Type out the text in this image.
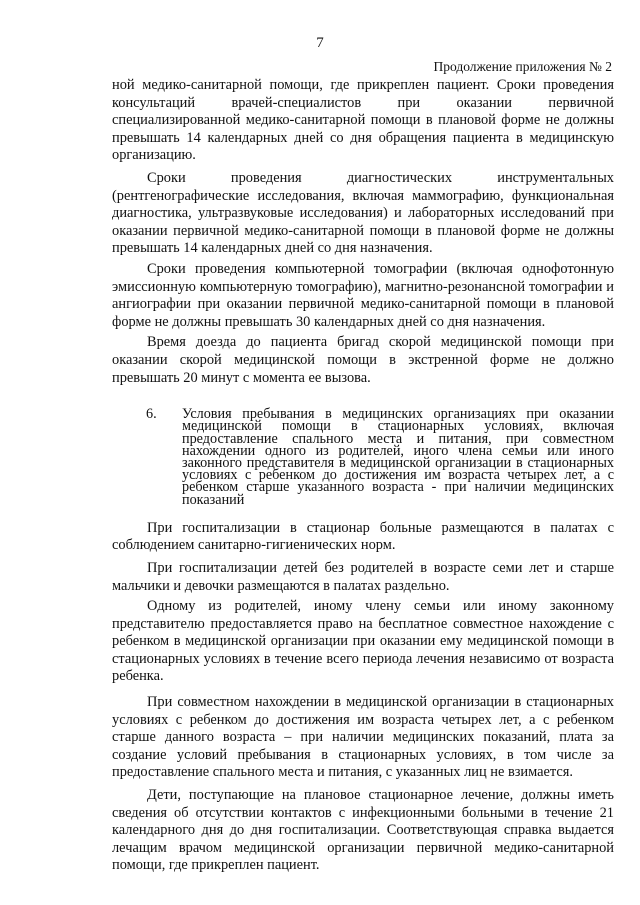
7
Продолжение приложения № 2

ной медико-санитарной помощи, где прикреплен пациент. Сроки проведения консультаций врачей-специалистов при оказании первичной специализированной медико-санитарной помощи в плановой форме не должны превышать 14 календарных дней со дня обращения пациента в медицинскую организацию.

Сроки проведения диагностических инструментальных (рентгенографические исследования, включая маммографию, функциональная диагностика, ультразвуковые исследования) и лабораторных исследований при оказании первичной медико-санитарной помощи в плановой форме не должны превышать 14 календарных дней со дня назначения.

Сроки проведения компьютерной томографии (включая однофотонную эмиссионную компьютерную томографию), магнитно-резонансной томографии и ангиографии при оказании первичной медико-санитарной помощи в плановой форме не должны превышать 30 календарных дней со дня назначения.

Время доезда до пациента бригад скорой медицинской помощи при оказании скорой медицинской помощи в экстренной форме не должно превышать 20 минут с момента ее вызова.

6.	Условия пребывания в медицинских организациях при оказании медицинской помощи в стационарных условиях, включая предоставление спального места и питания, при совместном нахождении одного из родителей, иного члена семьи или иного законного представителя в медицинской организации в стационарных условиях с ребенком до достижения им возраста четырех лет, а с ребенком старше указанного возраста - при наличии медицинских показаний

При госпитализации в стационар больные размещаются в палатах с соблюдением санитарно-гигиенических норм.

При госпитализации детей без родителей в возрасте семи лет и старше мальчики и девочки размещаются в палатах раздельно.

Одному из родителей, иному члену семьи или иному законному представителю предоставляется право на бесплатное совместное нахождение с ребенком в медицинской организации при оказании ему медицинской помощи в стационарных условиях в течение всего периода лечения независимо от возраста ребенка.

При совместном нахождении в медицинской организации в стационарных условиях с ребенком до достижения им возраста четырех лет, а с ребенком старше данного возраста – при наличии медицинских показаний, плата за создание условий пребывания в стационарных условиях, в том числе за предоставление спального места и питания, с указанных лиц не взимается.

Дети, поступающие на плановое стационарное лечение, должны иметь сведения об отсутствии контактов с инфекционными больными в течение 21 календарного дня до дня госпитализации. Соответствующая справка выдается лечащим врачом медицинской организации первичной медико-санитарной помощи, где прикреплен пациент.
